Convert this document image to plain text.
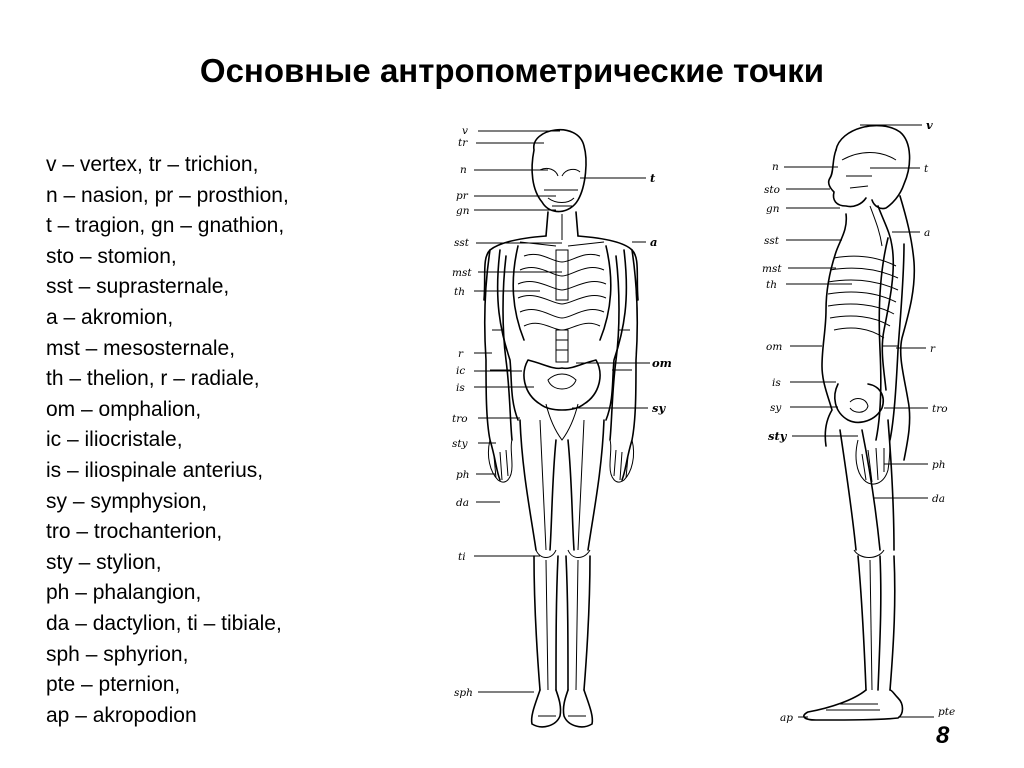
Основные антропометрические точки
v – vertex, tr – trichion,
n – nasion, pr – prosthion,
t – tragion, gn – gnathion,
sto – stomion,
sst – suprasternale,
a – akromion,
mst – mesosternale,
th – thelion, r – radiale,
om – omphalion,
ic – iliocristale,
is – iliospinale anterius,
sy – symphysion,
tro – trochanterion,
sty – stylion,
ph – phalangion,
da – dactylion, ti – tibiale,
sph – sphyrion,
pte – pternion,
ap – akropodion
v
tr
n
pr
gn
sst
mst
th
r
ic
is
tro
sty
ph
da
ti
sph
t
a
om
sy
v
n	t
sto
gn
sst
a
mst
th
om	r
is
sy	tro
sty
ph
da
ap	pte
8
